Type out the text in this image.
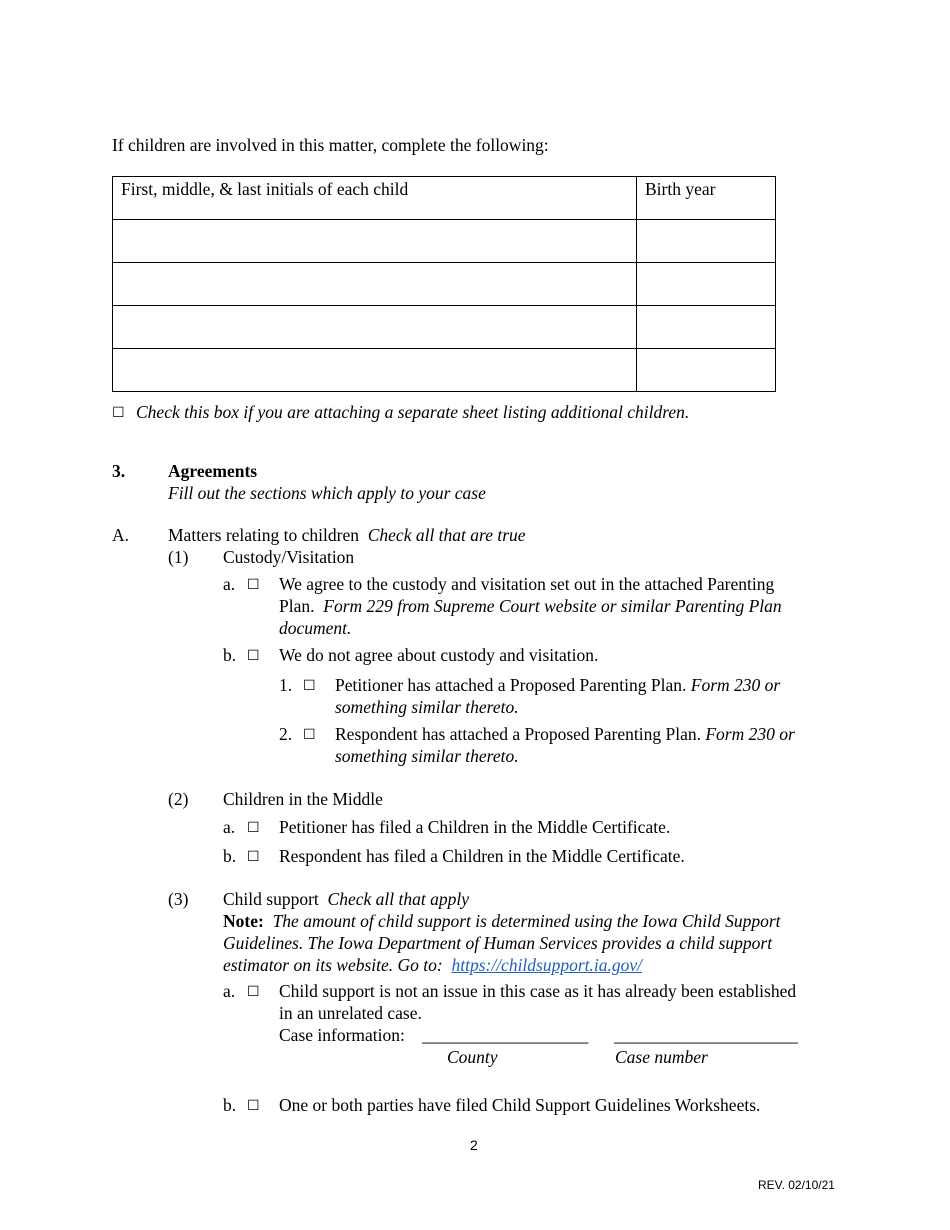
If children are involved in this matter, complete the following:
First, middle, & last initials of each child	Birth year

☐ Check this box if you are attaching a separate sheet listing additional children.
3. Agreements
Fill out the sections which apply to your case
A. Matters relating to children Check all that are true
(1) Custody/Visitation
a. ☐ We agree to the custody and visitation set out in the attached Parenting
Plan. Form 229 from Supreme Court website or similar Parenting Plan
document.
b. ☐ We do not agree about custody and visitation.
1. ☐ Petitioner has attached a Proposed Parenting Plan. Form 230 or
something similar thereto.
2. ☐ Respondent has attached a Proposed Parenting Plan. Form 230 or
something similar thereto.
(2) Children in the Middle
a. ☐ Petitioner has filed a Children in the Middle Certificate.
b. ☐ Respondent has filed a Children in the Middle Certificate.
(3) Child support Check all that apply
Note: The amount of child support is determined using the Iowa Child Support
Guidelines. The Iowa Department of Human Services provides a child support
estimator on its website. Go to: https://childsupport.ia.gov/
a. ☐ Child support is not an issue in this case as it has already been established
in an unrelated case.
Case information: ___________________ _____________________
County	Case number
b. ☐ One or both parties have filed Child Support Guidelines Worksheets.
2
REV. 02/10/21
